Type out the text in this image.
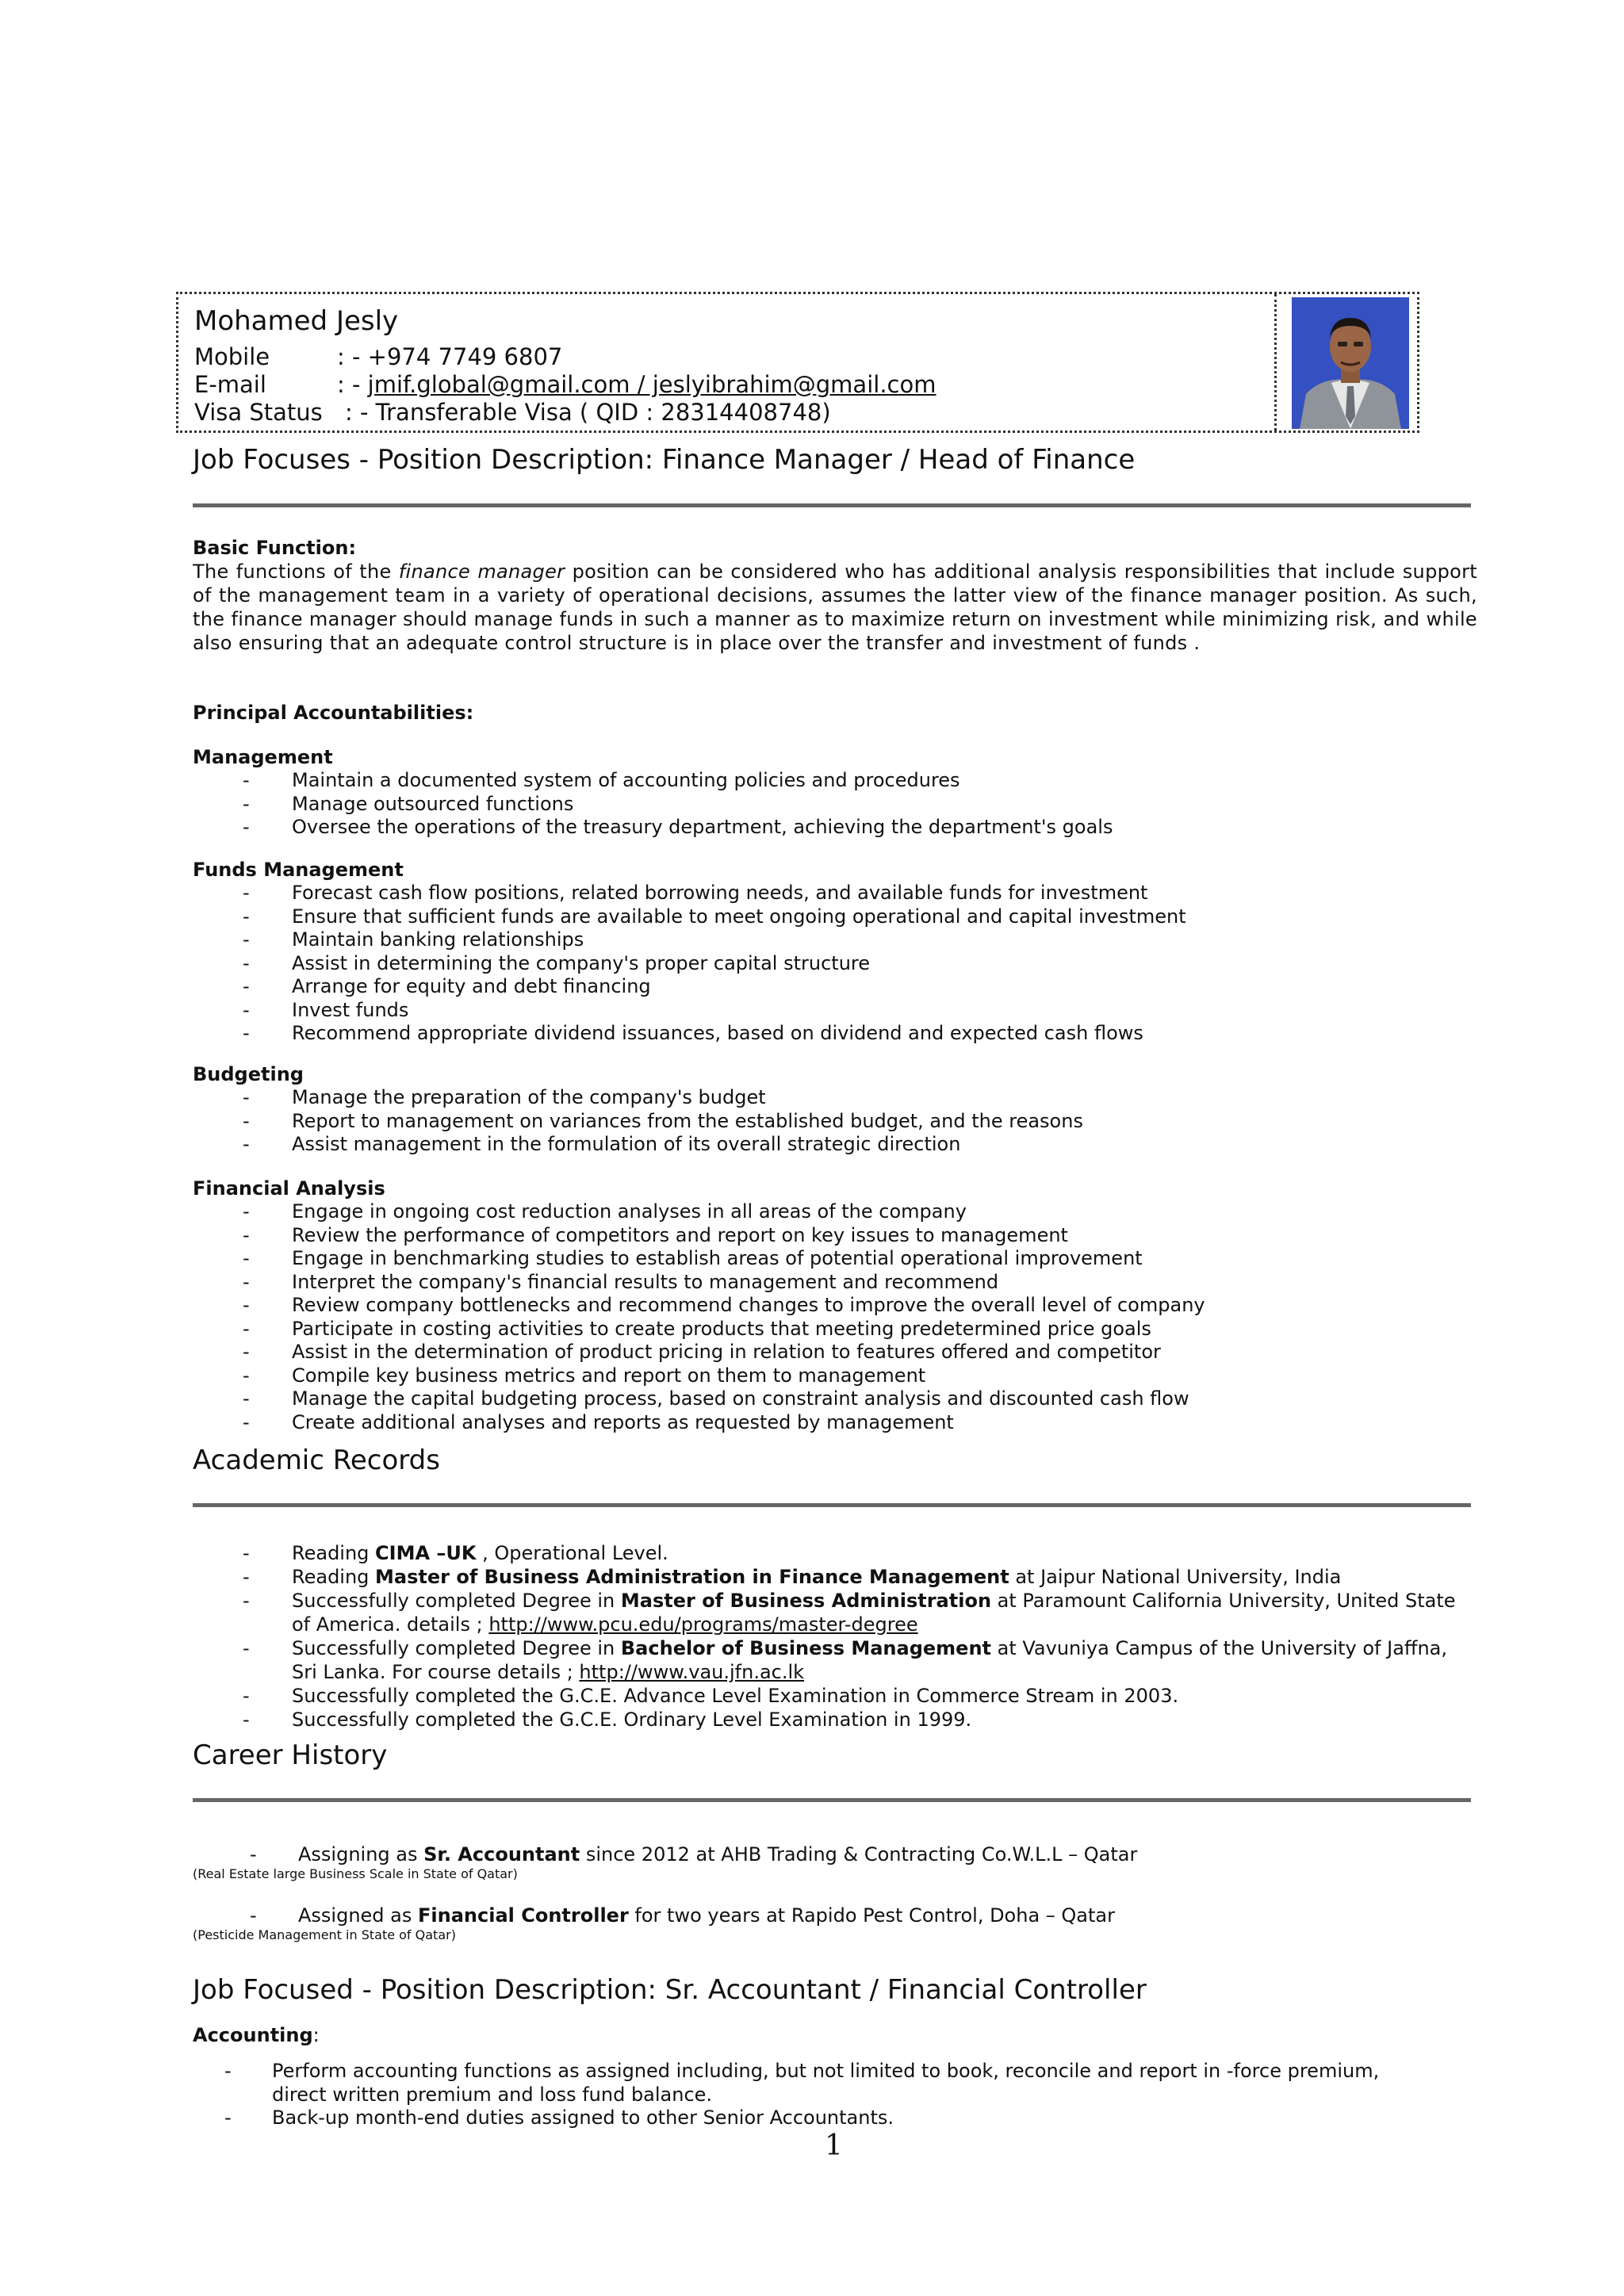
Mohamed Jesly
Mobile	: - +974 7749 6807
E-mail	: - jmif.global@gmail.com / jeslyibrahim@gmail.com
Visa Status : - Transferable Visa ( QID : 28314408748)
Job Focuses - Position Description: Finance Manager / Head of Finance
Basic Function:
The functions of the finance manager position can be considered who has additional analysis responsibilities that include support of the management team in a variety of operational decisions, assumes the latter view of the finance manager position. As such, the finance manager should manage funds in such a manner as to maximize return on investment while minimizing risk, and while also ensuring that an adequate control structure is in place over the transfer and investment of funds .
Principal Accountabilities:
Management
- Maintain a documented system of accounting policies and procedures
- Manage outsourced functions
- Oversee the operations of the treasury department, achieving the department's goals
Funds Management
- Forecast cash flow positions, related borrowing needs, and available funds for investment
- Ensure that sufficient funds are available to meet ongoing operational and capital investment
- Maintain banking relationships
- Assist in determining the company's proper capital structure
- Arrange for equity and debt financing
- Invest funds
- Recommend appropriate dividend issuances, based on dividend and expected cash flows
Budgeting
- Manage the preparation of the company's budget
- Report to management on variances from the established budget, and the reasons
- Assist management in the formulation of its overall strategic direction
Financial Analysis
- Engage in ongoing cost reduction analyses in all areas of the company
- Review the performance of competitors and report on key issues to management
- Engage in benchmarking studies to establish areas of potential operational improvement
- Interpret the company's financial results to management and recommend
- Review company bottlenecks and recommend changes to improve the overall level of company
- Participate in costing activities to create products that meeting predetermined price goals
- Assist in the determination of product pricing in relation to features offered and competitor
- Compile key business metrics and report on them to management
- Manage the capital budgeting process, based on constraint analysis and discounted cash flow
- Create additional analyses and reports as requested by management
Academic Records
- Reading CIMA –UK , Operational Level.
- Reading Master of Business Administration in Finance Management at Jaipur National University, India
- Successfully completed Degree in Master of Business Administration at Paramount California University, United State of America. details ; http://www.pcu.edu/programs/master-degree
- Successfully completed Degree in Bachelor of Business Management at Vavuniya Campus of the University of Jaffna, Sri Lanka. For course details ; http://www.vau.jfn.ac.lk
- Successfully completed the G.C.E. Advance Level Examination in Commerce Stream in 2003.
- Successfully completed the G.C.E. Ordinary Level Examination in 1999.
Career History
- Assigning as Sr. Accountant since 2012 at AHB Trading & Contracting Co.W.L.L – Qatar
(Real Estate large Business Scale in State of Qatar)
- Assigned as Financial Controller for two years at Rapido Pest Control, Doha – Qatar
(Pesticide Management in State of Qatar)
Job Focused - Position Description: Sr. Accountant / Financial Controller
Accounting:
- Perform accounting functions as assigned including, but not limited to book, reconcile and report in -force premium, direct written premium and loss fund balance.
- Back-up month-end duties assigned to other Senior Accountants.
1
